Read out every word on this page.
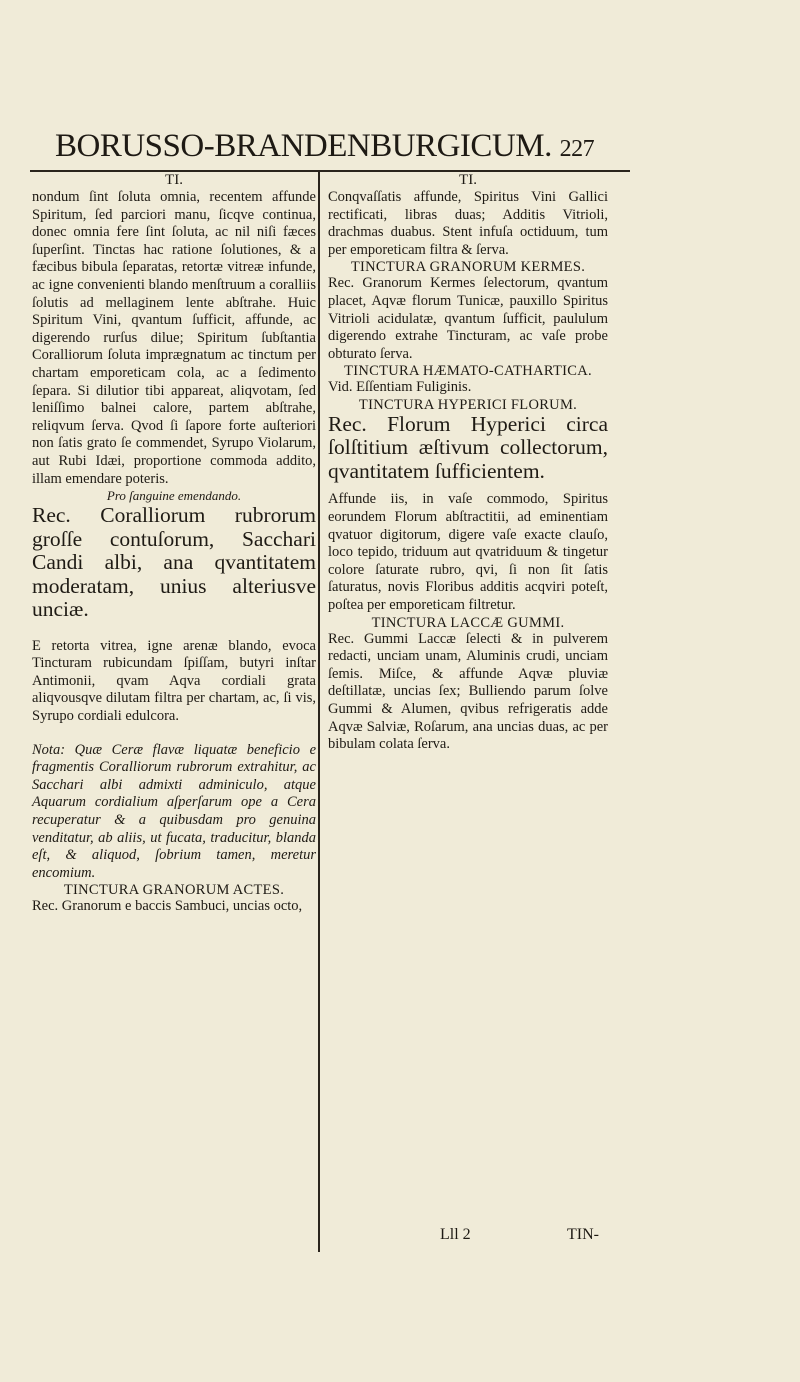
BORUSSO-BRANDENBURGICUM. 227

TI.

nondum ſint ſoluta omnia, recentem affunde Spiritum, ſed parciori manu, ſicqve continua, donec omnia fere ſint ſoluta, ac nil niſi fæces ſuperſint. Tinctas hac ratione ſolutiones, & a fæcibus bibula ſeparatas, retortæ vitreæ infunde, ac igne convenienti blando menſtruum a coralliis ſolutis ad mellaginem lente abſtrahe. Huic Spiritum Vini, qvantum ſufficit, affunde, ac digerendo rurſus dilue; Spiritum ſubſtantia Coralliorum ſoluta imprægnatum ac tinctum per chartam emporeticam cola, ac a ſedimento ſepara. Si dilutior tibi appareat, aliqvotam, ſed leniſſimo balnei calore, partem abſtrahe, reliqvum ſerva. Qvod ſi ſapore forte auſteriori non ſatis grato ſe commendet, Syrupo Violarum, aut Rubi Idæi, proportione commoda addito, illam emendare poteris.

Pro ſanguine emendando.

Rec. Coralliorum rubrorum groſſe contuſorum, Sacchari Candi albi, ana qvantitatem moderatam, unius alteriusve unciæ.

E retorta vitrea, igne arenæ blando, evoca Tincturam rubicundam ſpiſſam, butyri inſtar Antimonii, qvam Aqva cordiali grata aliqvousqve dilutam filtra per chartam, ac, ſi vis, Syrupo cordiali edulcora.

Nota: Quæ Ceræ flavæ liquatæ beneficio e fragmentis Coralliorum rubrorum extrahitur, ac Sacchari albi admixti adminiculo, atque Aquarum cordialium aſperſarum ope a Cera recuperatur & a quibusdam pro genuina venditatur, ab aliis, ut fucata, traducitur, blanda eſt, & aliquod, ſobrium tamen, meretur encomium.

TINCTURA GRANORUM ACTES.

Rec. Granorum e baccis Sambuci, uncias octo,

TI.

Conqvaſſatis affunde, Spiritus Vini Gallici rectificati, libras duas; Additis Vitrioli, drachmas duabus. Stent infuſa octiduum, tum per emporeticam filtra & ſerva.

TINCTURA GRANORUM KERMES.

Rec. Granorum Kermes ſelectorum, qvantum placet, Aqvæ florum Tunicæ, pauxillo Spiritus Vitrioli acidulatæ, qvantum ſufficit, paululum digerendo extrahe Tincturam, ac vaſe probe obturato ſerva.

TINCTURA HÆMATO-CATHARTICA.

Vid. Eſſentiam Fuliginis.

TINCTURA HYPERICI FLORUM.

Rec. Florum Hyperici circa ſolſtitium æſtivum collectorum, qvantitatem ſufficientem.

Affunde iis, in vaſe commodo, Spiritus eorundem Florum abſtractitii, ad eminentiam qvatuor digitorum, digere vaſe exacte clauſo, loco tepido, triduum aut qvatriduum & tingetur colore ſaturate rubro, qvi, ſi non ſit ſatis ſaturatus, novis Floribus additis acqviri poteſt, poſtea per emporeticam filtretur.

TINCTURA LACCÆ GUMMI.

Rec. Gummi Laccæ ſelecti & in pulverem redacti, unciam unam, Aluminis crudi, unciam ſemis. Miſce, & affunde Aqvæ pluviæ deſtillatæ, uncias ſex; Bulliendo parum ſolve Gummi & Alumen, qvibus refrigeratis adde Aqvæ Salviæ, Roſarum, ana uncias duas, ac per bibulam colata ſerva.

Lll 2	TIN-
